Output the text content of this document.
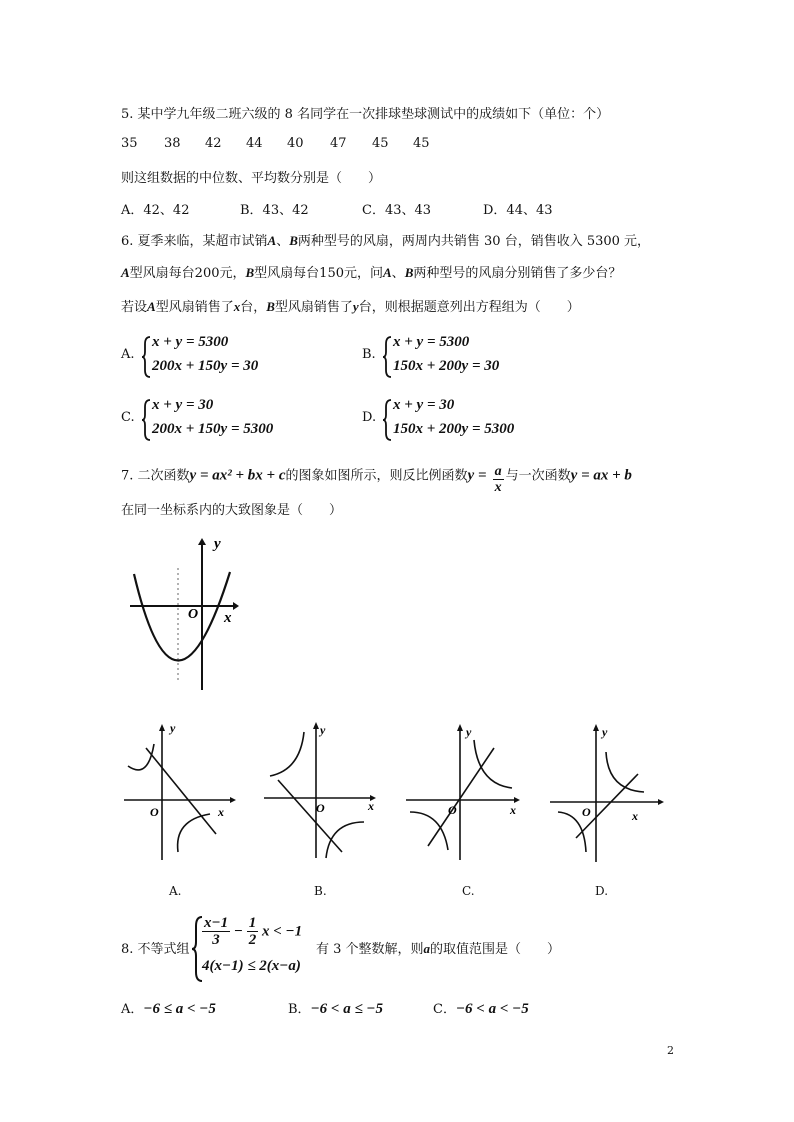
5. 某中学九年级二班六级的 8 名同学在一次排球垫球测试中的成绩如下（单位：个）
35 38 42 44 40 47 45 45
则这组数据的中位数、平均数分别是（　　）
A．42、42	B．43、42	C．43、43	D．44、43
6. 夏季来临，某超市试销A、B两种型号的风扇，两周内共销售 30 台，销售收入 5300 元，
A型风扇每台200元，B型风扇每台150元，问A、B两种型号的风扇分别销售了多少台？
若设A型风扇销售了x台，B型风扇销售了y台，则根据题意列出方程组为（　　）
A.
x + y = 5300
200x + 150y = 30
B.
x + y = 5300
150x + 200y = 30
C.
x + y = 30
200x + 150y = 5300
D.
x + y = 30
150x + 200y = 5300
7. 二次函数y = ax² + bx + c的图象如图所示，则反比例函数$y = \frac{a}{x}$ 与一次函数y = ax + b
在同一坐标系内的大致图象是（　　）
y
O x
y
O	x
y
O	x
y
O	x
y
O	x
A.	B.	C.	D.
8. 不等式组
$\frac{x-1}{3} - \frac{1}{2}$ x < −1
4(x−1) ≤ 2(x−a)
有 3 个整数解，则a的取值范围是（　　）
A．−6 ≤ a < −5	B．−6 < a ≤ −5	C．−6 < a < −5
2
